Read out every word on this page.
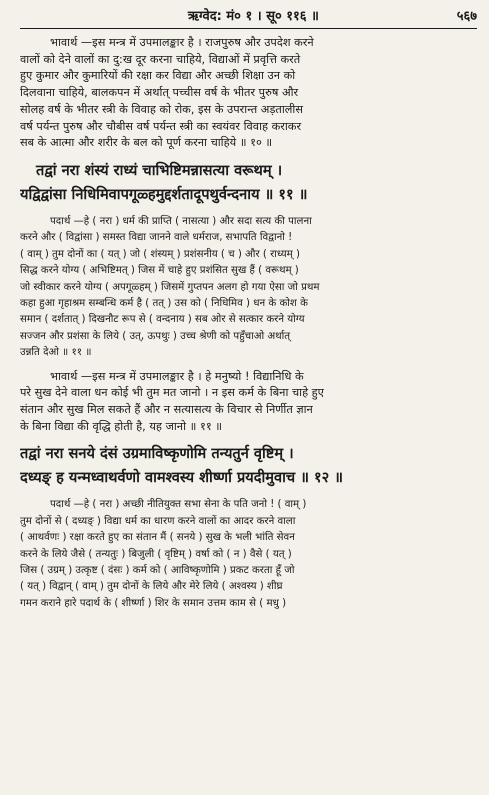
ऋग्वेद: मं० १ । सू० ११६ ॥	५६७
भावार्थ —इस मन्त्र में उपमालङ्कार है । राजपुरुष और उपदेश करने
वालों को देने वालों का दु:ख दूर करना चाहिये, विद्याओं में प्रवृत्ति करते
हुए कुमार और कुमारियों की रक्षा कर विद्या और अच्छी शिक्षा उन को
दिलवाना चाहिये, बालकपन में अर्थात् पच्चीस वर्ष के भीतर पुरुष और
सोलह वर्ष के भीतर स्त्री के विवाह को रोक, इस के उपरान्त अड़तालीस
वर्ष पर्यन्त पुरुष और चौबीस वर्ष पर्यन्त स्त्री का स्वयंवर विवाह कराकर
सब के आत्मा और शरीर के बल को पूर्ण करना चाहिये ॥ १० ॥
तद्वां नरा शंस्यं राध्यं चाभिष्टिमन्नासत्या वरूथम् ।
यद्विद्वांसा निधिमिवापगूळ्हमुद्दर्शतादूपथुर्वन्दनाय ॥ ११ ॥
पदार्थ —हे ( नरा ) धर्म की प्राप्ति ( नासत्या ) और सदा सत्य की पालना
करने और ( विद्वांसा ) समस्त विद्या जानने वाले धर्मराज, सभापति विद्वानो !
( वाम् ) तुम दोनों का ( यत् ) जो ( शंस्यम् ) प्रशंसनीय ( च ) और ( राध्यम् )
सिद्ध करने योग्य ( अभिष्टिमत् ) जिस में चाहे हुए प्रशंसित सुख हैं ( वरूथम् )
जो स्वीकार करने योग्य ( अपगूळ्हम् ) जिसमें गुप्तपन अलग हो गया ऐसा जो प्रथम
कहा हुआ गृहाश्रम सम्बन्धि कर्म है ( तत् ) उस को ( निधिमिव ) धन के कोश के
समान ( दर्शतात् ) दिखनौट रूप से ( वन्दनाय ) सब ओर से सत्कार करने योग्य
सज्जन और प्रशंसा के लिये ( उत्, ऊपथुः ) उच्च श्रेणी को पहुँचाओ अर्थात्
उन्नति देओ ॥ ११ ॥
भावार्थ —इस मन्त्र में उपमालङ्कार है । हे मनुष्यो ! विद्यानिधि के
परे सुख देने वाला धन कोई भी तुम मत जानो । न इस कर्म के बिना चाहे हुए
संतान और सुख मिल सकते हैं और न सत्यासत्य के विचार से निर्णीत ज्ञान
के बिना विद्या की वृद्धि होती है, यह जानो ॥ ११ ॥
तद्वां नरा सनये दंसं उग्रमाविष्कृणोमि तन्यतुर्न वृष्टिम् ।
दध्यङ् ह यन्मध्वाथर्वणो वामश्वस्य शीर्ष्णा प्रयदीमुवाच ॥ १२ ॥
पदार्थ —हे ( नरा ) अच्छी नीतियुक्त सभा सेना के पति जनो ! ( वाम् )
तुम दोनों से ( दध्यङ् ) विद्या धर्म का धारण करने वालों का आदर करने वाला
( आथर्वणः ) रक्षा करते हुए का संतान मैं ( सनये ) सुख के भली भांति सेवन
करने के लिये जैसे ( तन्यतुः ) बिजुली ( वृष्टिम् ) वर्षा को ( न ) वैसे ( यत् )
जिस ( उग्रम् ) उत्कृष्ट ( दंसः ) कर्म को ( आविष्कृणोमि ) प्रकट करता हूँ जो
( यत् ) विद्वान् ( वाम् ) तुम दोनों के लिये और मेरे लिये ( अश्वस्य ) शीघ्र
गमन कराने हारे पदार्थ के ( शीर्ष्णा ) शिर के समान उत्तम काम से ( मधु )
